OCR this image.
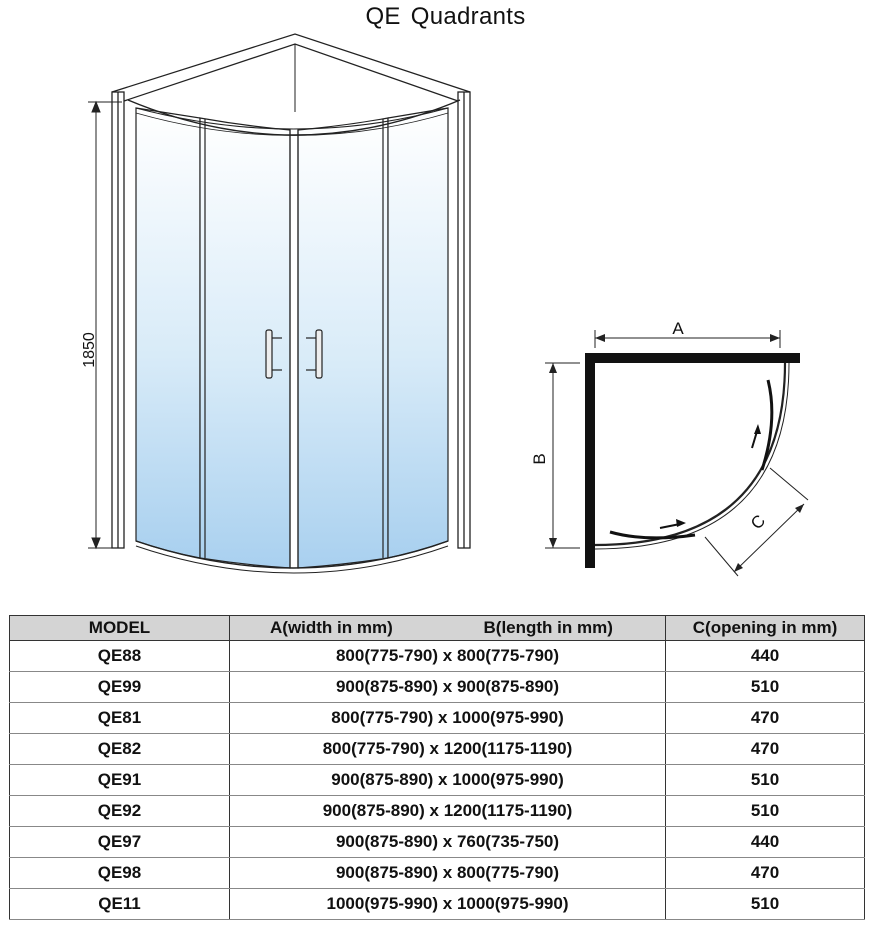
QE Quadrants
1850
A
B
C
MODEL	A(width in mm)	B(length in mm)	C(opening in mm)
QE88	800(775-790) x 800(775-790)		440
QE99	900(875-890) x 900(875-890)		510
QE81	800(775-790) x 1000(975-990)		470
QE82	800(775-790) x 1200(1175-1190)		470
QE91	900(875-890) x 1000(975-990)		510
QE92	900(875-890) x 1200(1175-1190)		510
QE97	900(875-890) x 760(735-750)		440
QE98	900(875-890) x 800(775-790)		470
QE11	1000(975-990) x 1000(975-990)		510
